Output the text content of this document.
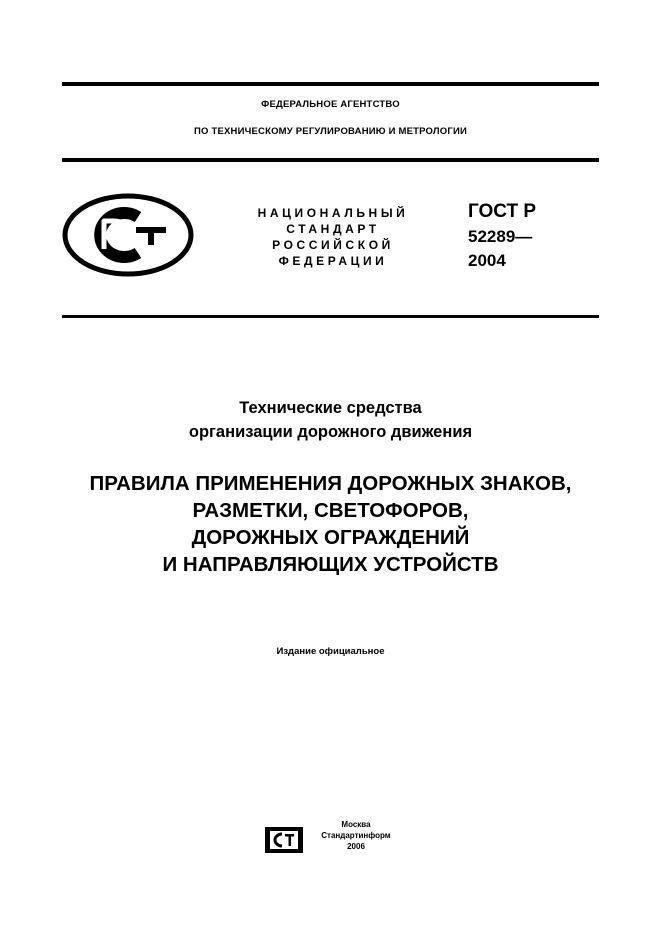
ФЕДЕРАЛЬНОЕ АГЕНТСТВО
ПО ТЕХНИЧЕСКОМУ РЕГУЛИРОВАНИЮ И МЕТРОЛОГИИ
НАЦИОНАЛЬНЫЙ
СТАНДАРТ
РОССИЙСКОЙ
ФЕДЕРАЦИИ
ГОСТ Р
52289—
2004
Технические средства
организации дорожного движения
ПРАВИЛА ПРИМЕНЕНИЯ ДОРОЖНЫХ ЗНАКОВ,
РАЗМЕТКИ, СВЕТОФОРОВ,
ДОРОЖНЫХ ОГРАЖДЕНИЙ
И НАПРАВЛЯЮЩИХ УСТРОЙСТВ
Издание официальное
Москва
Стандартинформ
2006
